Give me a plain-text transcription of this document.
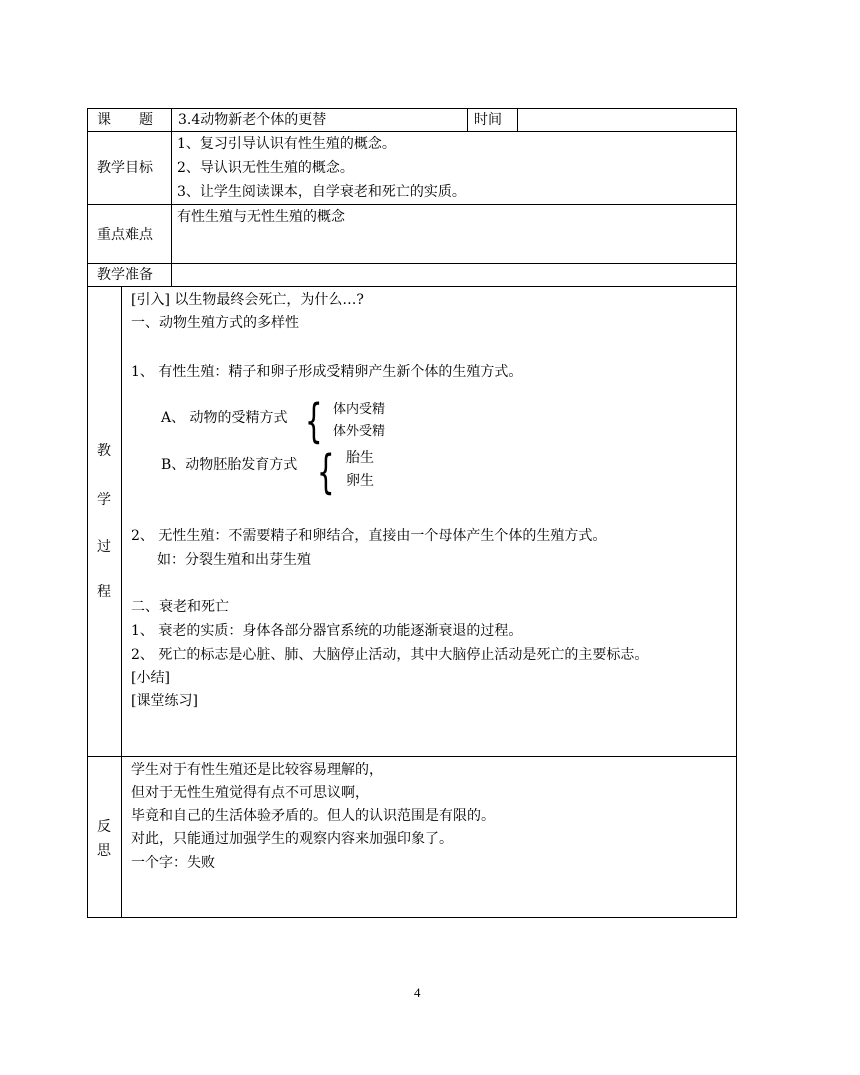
课　　题 3.4动物新老个体的更替	时间
教学目标
1、复习引导认识有性生殖的概念。
2、导认识无性生殖的概念。
3、让学生阅读课本，自学衰老和死亡的实质。
重点难点
有性生殖与无性生殖的概念
教学准备
教
学
过
程
[引入] 以生物最终会死亡，为什么…?
一、动物生殖方式的多样性
1、 有性生殖：精子和卵子形成受精卵产生新个体的生殖方式。
A、 动物的受精方式 { 体内受精
体外受精
B、动物胚胎发育方式 { 胎生
卵生
2、 无性生殖：不需要精子和卵结合，直接由一个母体产生个体的生殖方式。
如：分裂生殖和出芽生殖
二、衰老和死亡
1、 衰老的实质：身体各部分器官系统的功能逐渐衰退的过程。
2、 死亡的标志是心脏、肺、大脑停止活动，其中大脑停止活动是死亡的主要标志。
[小结]
[课堂练习]
反
思
学生对于有性生殖还是比较容易理解的，
但对于无性生殖觉得有点不可思议啊，
毕竟和自己的生活体验矛盾的。但人的认识范围是有限的。
对此，只能通过加强学生的观察内容来加强印象了。
一个字：失败
4
